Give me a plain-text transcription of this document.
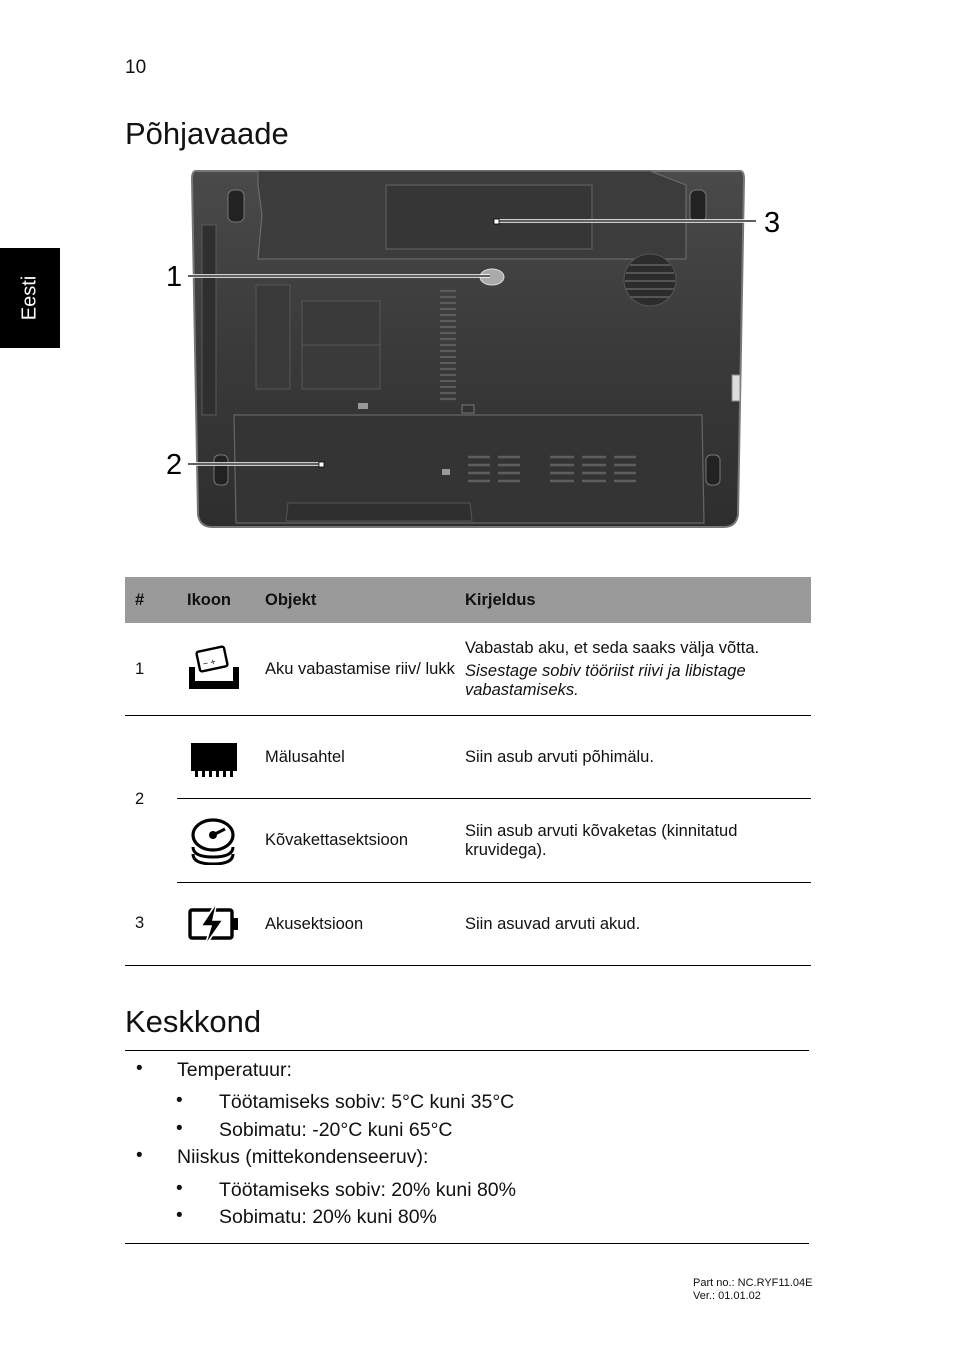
10
Eesti
Põhjavaade
1
2
3
#	Ikoon	Objekt	Kirjeldus
1	− +	Aku vabastamise riiv/ lukk	Vabastab aku, et seda saaks välja võtta.
Sisestage sobiv tööriist riivi ja libistage vabastamiseks.

2		Mälusahtel	Siin asub arvuti põhimälu.

	Kõvakettasektsioon	Siin asub arvuti kõvaketas (kinnitatud kruvidega).
3		Akusektsioon	Siin asuvad arvuti akud.
Keskkond
• Temperatuur:
• Töötamiseks sobiv: 5°C kuni 35°C
• Sobimatu: -20°C kuni 65°C
• Niiskus (mittekondenseeruv):
• Töötamiseks sobiv: 20% kuni 80%
• Sobimatu: 20% kuni 80%
Part no.: NC.RYF11.04E
Ver.: 01.01.02
